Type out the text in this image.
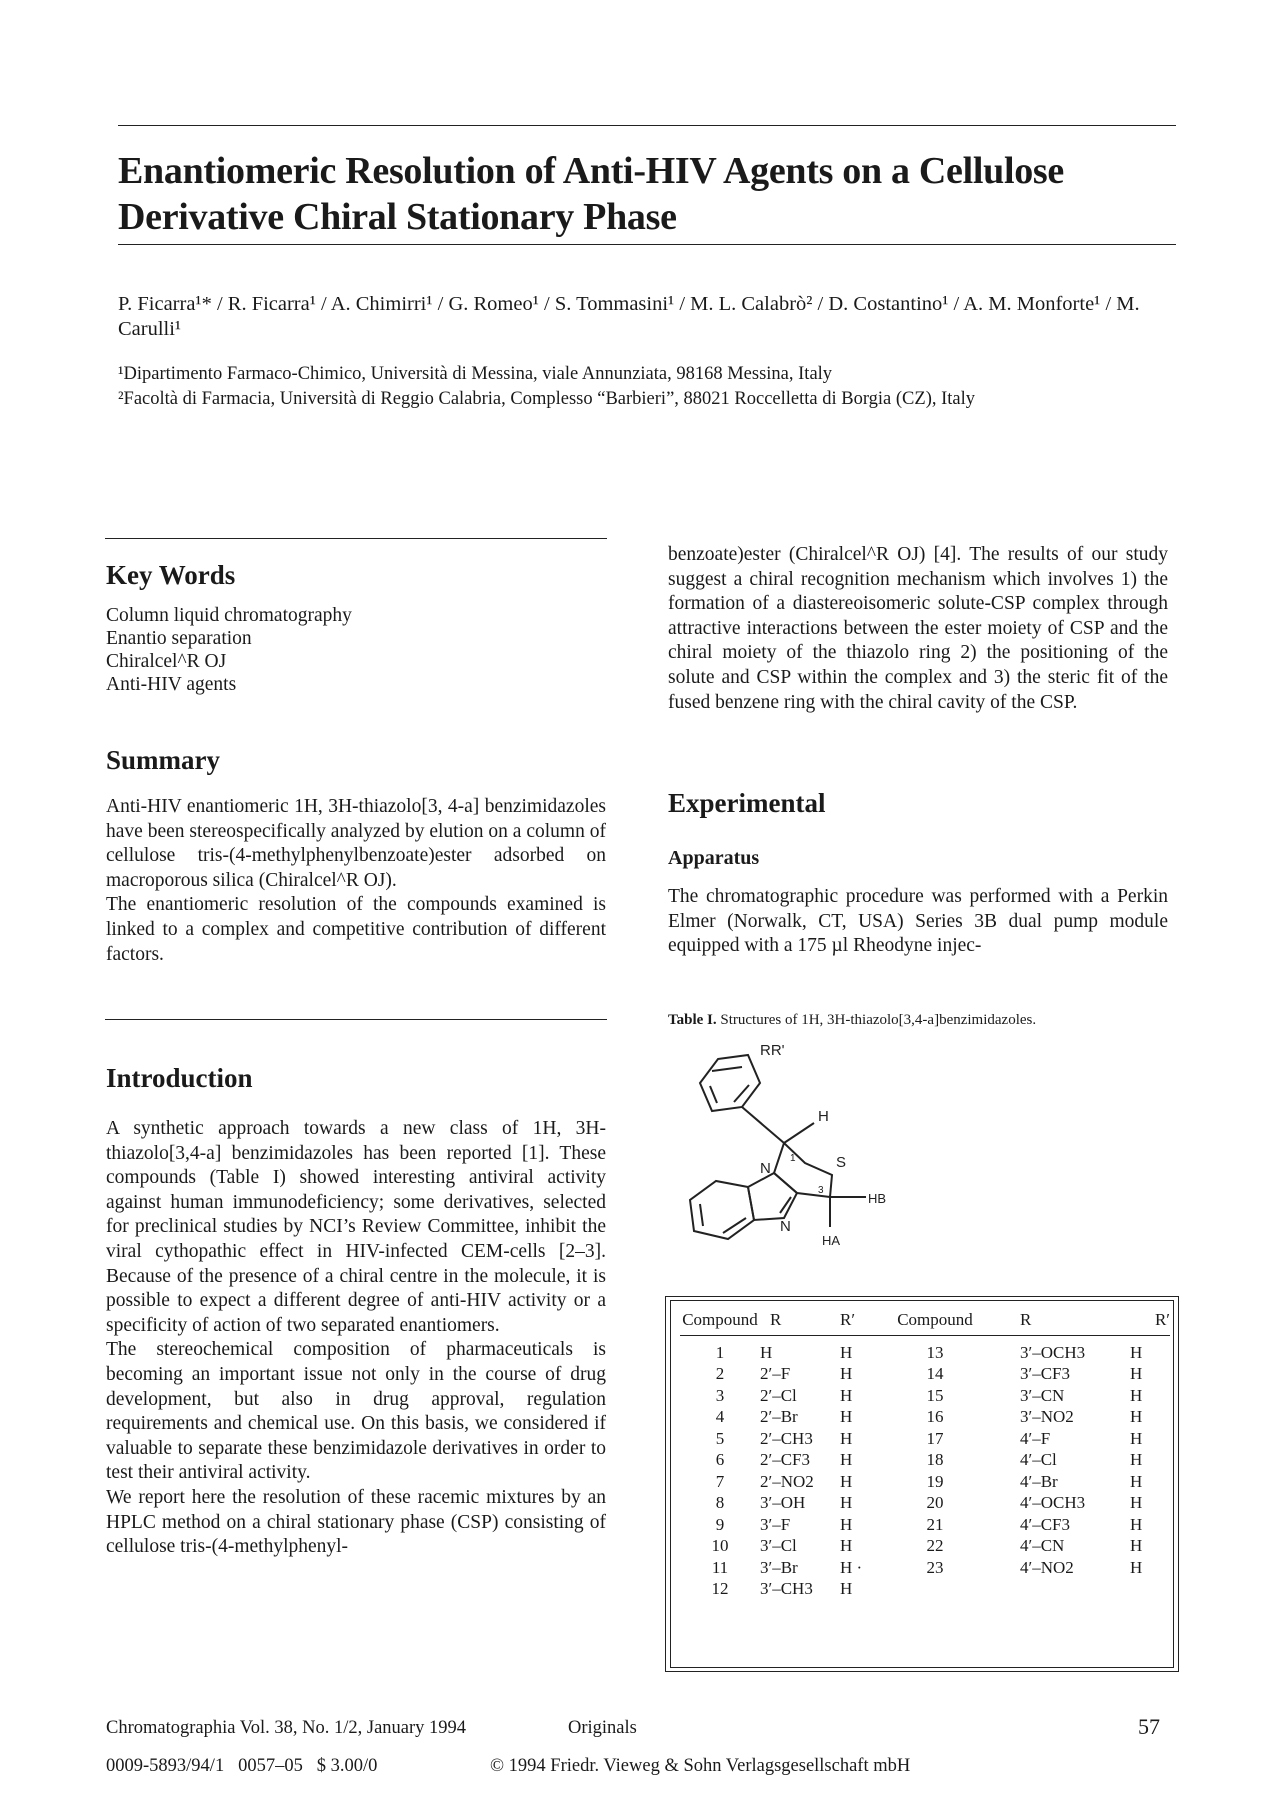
Enantiomeric Resolution of Anti-HIV Agents on a Cellulose Derivative Chiral Stationary Phase
P. Ficarra¹* / R. Ficarra¹ / A. Chimirri¹ / G. Romeo¹ / S. Tommasini¹ / M. L. Calabrò² / D. Costantino¹ / A. M. Monforte¹ / M. Carulli¹
¹Dipartimento Farmaco-Chimico, Università di Messina, viale Annunziata, 98168 Messina, Italy
²Facoltà di Farmacia, Università di Reggio Calabria, Complesso “Barbieri”, 88021 Roccelletta di Borgia (CZ), Italy
Key Words
Column liquid chromatography
Enantio separation
Chiralcel^R OJ
Anti-HIV agents
Summary
Anti-HIV enantiomeric 1H, 3H-thiazolo[3, 4-a] benzimidazoles have been stereospecifically analyzed by elution on a column of cellulose tris-(4-methylphenylbenzoate)ester adsorbed on macroporous silica (Chiralcel^R OJ).
The enantiomeric resolution of the compounds examined is linked to a complex and competitive contribution of different factors.
Introduction
A synthetic approach towards a new class of 1H, 3H-thiazolo[3,4-a] benzimidazoles has been reported [1]. These compounds (Table I) showed interesting antiviral activity against human immunodeficiency; some derivatives, selected for preclinical studies by NCI’s Review Committee, inhibit the viral cythopathic effect in HIV-infected CEM-cells [2–3]. Because of the presence of a chiral centre in the molecule, it is possible to expect a different degree of anti-HIV activity or a specificity of action of two separated enantiomers.
The stereochemical composition of pharmaceuticals is becoming an important issue not only in the course of drug development, but also in drug approval, regulation requirements and chemical use. On this basis, we considered if valuable to separate these benzimidazole derivatives in order to test their antiviral activity.
We report here the resolution of these racemic mixtures by an HPLC method on a chiral stationary phase (CSP) consisting of cellulose tris-(4-methylphenyl-
benzoate)ester (Chiralcel^R OJ) [4]. The results of our study suggest a chiral recognition mechanism which involves 1) the formation of a diastereoisomeric solute-CSP complex through attractive interactions between the ester moiety of CSP and the chiral moiety of the thiazolo ring 2) the positioning of the solute and CSP within the complex and 3) the steric fit of the fused benzene ring with the chiral cavity of the CSP.
Experimental
Apparatus
The chromatographic procedure was performed with a Perkin Elmer (Norwalk, CT, USA) Series 3B dual pump module equipped with a 175 µl Rheodyne injec-
Table I. Structures of 1H, 3H-thiazolo[3,4-a]benzimidazoles.
RR'
H
S
1
3
N
N
HB
HA
Compound	R	R′	Compound	R	R′

1	H	H	13	3′–OCH3	H
2	2′–F	H	14	3′–CF3	H
3	2′–Cl	H	15	3′–CN	H
4	2′–Br	H	16	3′–NO2	H
5	2′–CH3	H	17	4′–F	H
6	2′–CF3	H	18	4′–Cl	H
7	2′–NO2	H	19	4′–Br	H
8	3′–OH	H	20	4′–OCH3	H
9	3′–F	H	21	4′–CF3	H
10	3′–Cl	H	22	4′–CN	H
11	3′–Br	H ·	23	4′–NO2	H
12	3′–CH3	H			
Chromatographia Vol. 38, No. 1/2, January 1994	Originals	57
0009-5893/94/1   0057–05   $ 3.00/0	© 1994 Friedr. Vieweg & Sohn Verlagsgesellschaft mbH
